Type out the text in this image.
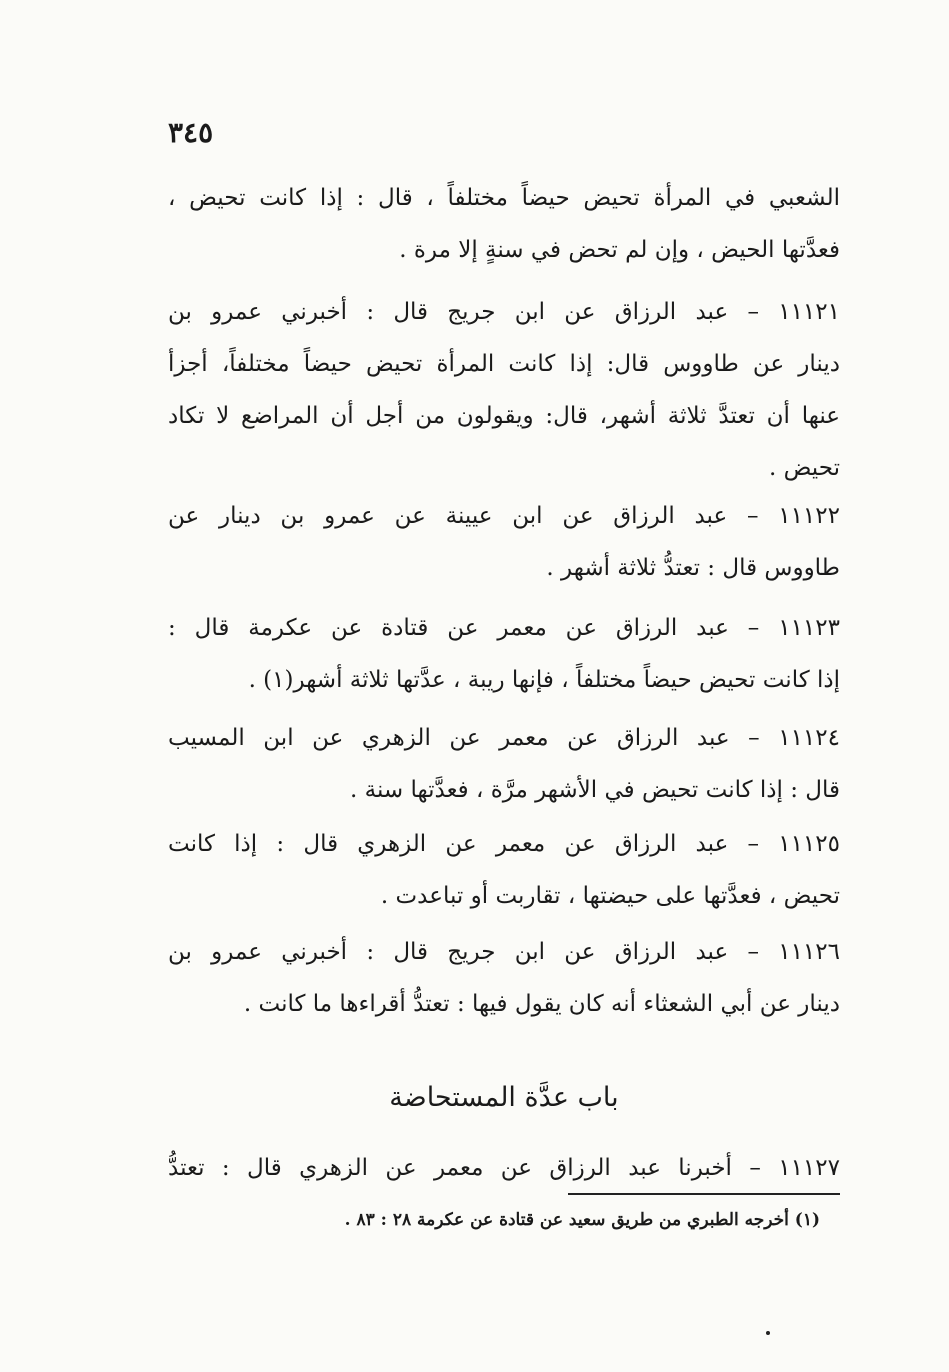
٣٤٥
الشعبي في المرأة تحيض حيضاً مختلفاً ، قال : إذا كانت تحيض ،
فعدَّتها الحيض ، وإن لم تحض في سنةٍ إلا مرة .
١١١٢١ – عبد الرزاق عن ابن جريج قال : أخبرني عمرو بن
دينار عن طاووس قال: إذا كانت المرأة تحيض حيضاً مختلفاً، أجزأ
عنها أن تعتدَّ ثلاثة أشهر، قال: ويقولون من أجل أن المراضع لا تكاد
تحيض .
١١١٢٢ – عبد الرزاق عن ابن عيينة عن عمرو بن دينار عن
طاووس قال : تعتدُّ ثلاثة أشهر .
١١١٢٣ – عبد الرزاق عن معمر عن قتادة عن عكرمة قال :
إذا كانت تحيض حيضاً مختلفاً ، فإنها ريبة ، عدَّتها ثلاثة أشهر(١) .
١١١٢٤ – عبد الرزاق عن معمر عن الزهري عن ابن المسيب
قال : إذا كانت تحيض في الأشهر مرَّة ، فعدَّتها سنة .
١١١٢٥ – عبد الرزاق عن معمر عن الزهري قال : إذا كانت
تحيض ، فعدَّتها على حيضتها ، تقاربت أو تباعدت .
١١١٢٦ – عبد الرزاق عن ابن جريج قال : أخبرني عمرو بن
دينار عن أبي الشعثاء أنه كان يقول فيها : تعتدُّ أقراءها ما كانت .
باب عدَّة المستحاضة
١١١٢٧ – أخبرنا عبد الرزاق عن معمر عن الزهري قال : تعتدُّ
(١) أخرجه الطبري من طريق سعيد عن قتادة عن عكرمة ٢٨ : ٨٣ .
